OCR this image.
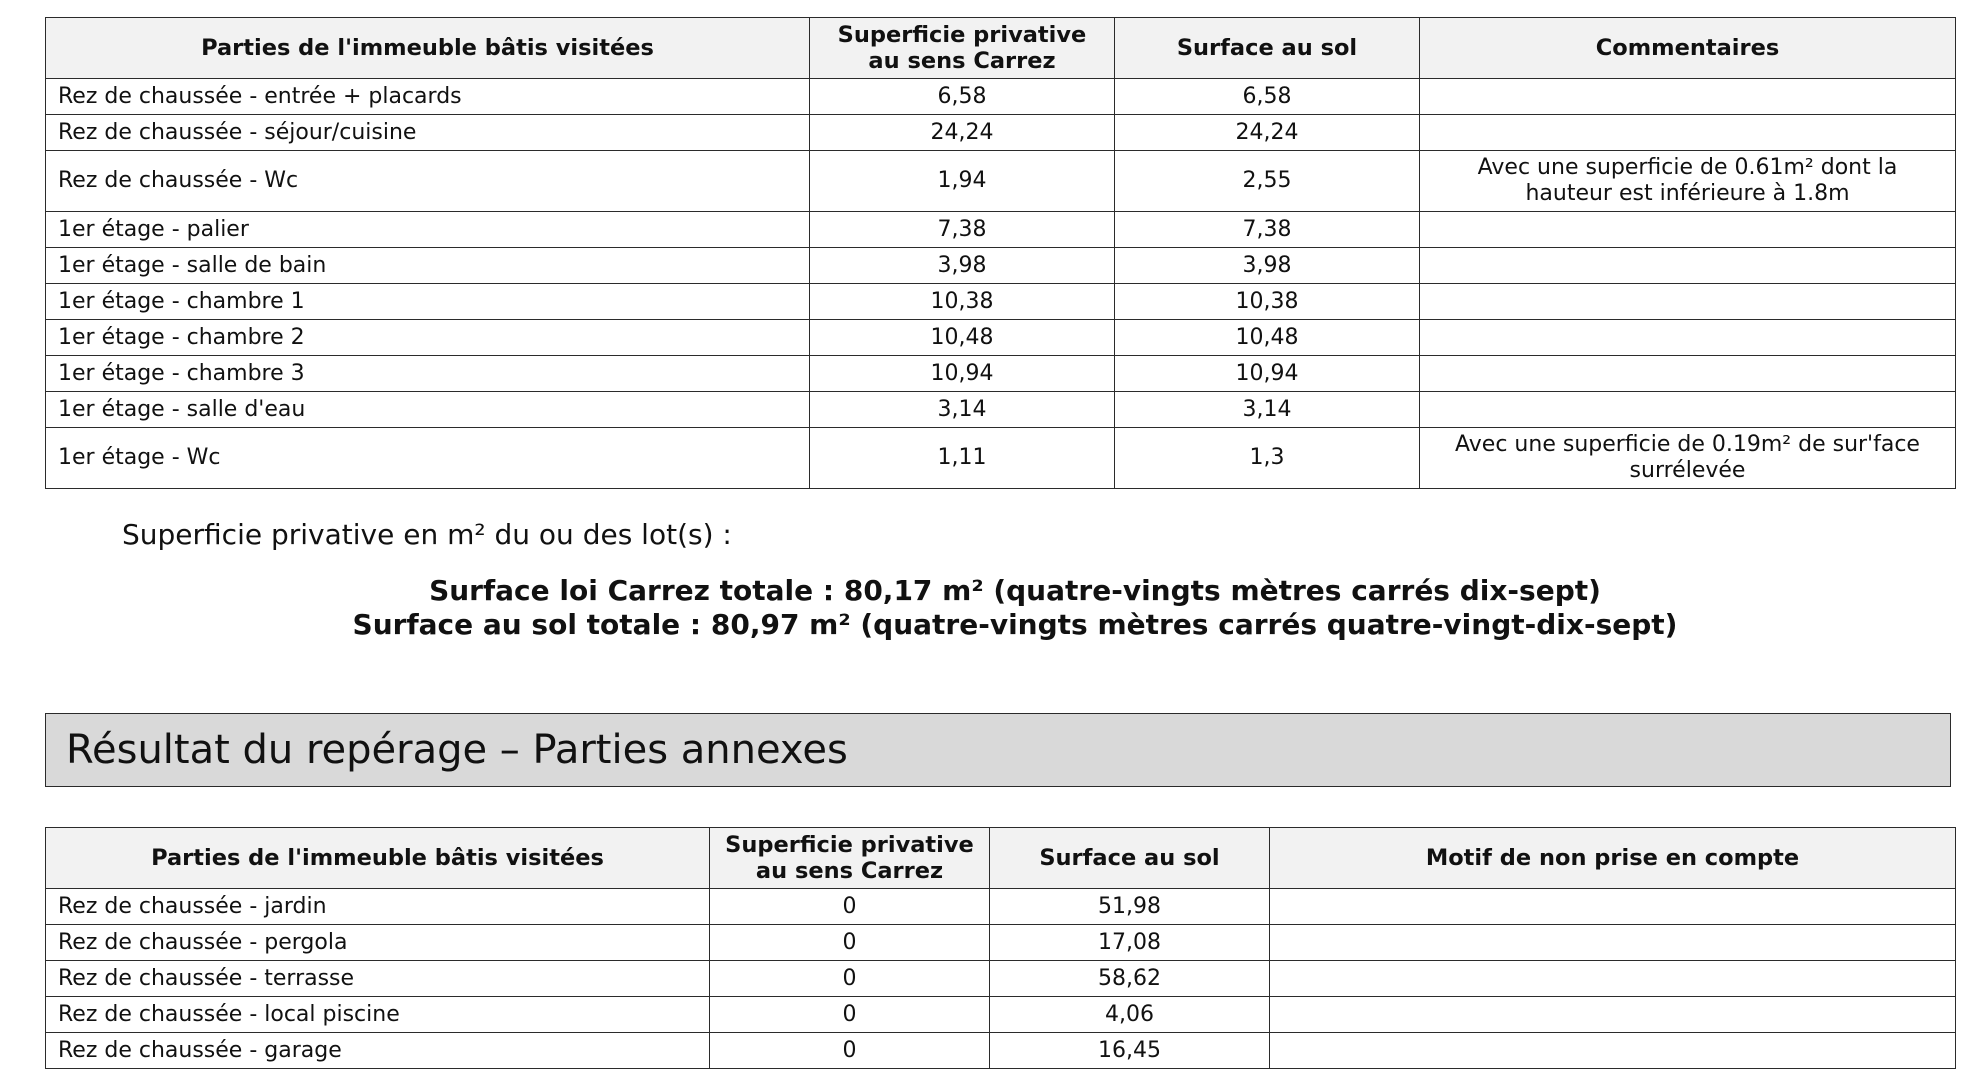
Parties de l'immeuble bâtis visitées	Superficie privative au sens Carrez	Surface au sol	Commentaires
Rez de chaussée - entrée + placards	6,58	6,58	
Rez de chaussée - séjour/cuisine	24,24	24,24	
Rez de chaussée - Wc	1,94	2,55	Avec une superficie de 0.61m² dont la hauteur est inférieure à 1.8m
1er étage - palier	7,38	7,38	
1er étage - salle de bain	3,98	3,98	
1er étage - chambre 1	10,38	10,38	
1er étage - chambre 2	10,48	10,48	
1er étage - chambre 3	10,94	10,94	
1er étage - salle d'eau	3,14	3,14	
1er étage - Wc	1,11	1,3	Avec une superficie de 0.19m² de sur'face surrélevée
Superficie privative en m² du ou des lot(s) :
Surface loi Carrez totale : 80,17 m² (quatre-vingts mètres carrés dix-sept)
Surface au sol totale : 80,97 m² (quatre-vingts mètres carrés quatre-vingt-dix-sept)
Résultat du repérage – Parties annexes
Parties de l'immeuble bâtis visitées	Superficie privative au sens Carrez	Surface au sol	Motif de non prise en compte
Rez de chaussée - jardin	0	51,98	
Rez de chaussée - pergola	0	17,08	
Rez de chaussée - terrasse	0	58,62	
Rez de chaussée - local piscine	0	4,06	
Rez de chaussée - garage	0	16,45	
